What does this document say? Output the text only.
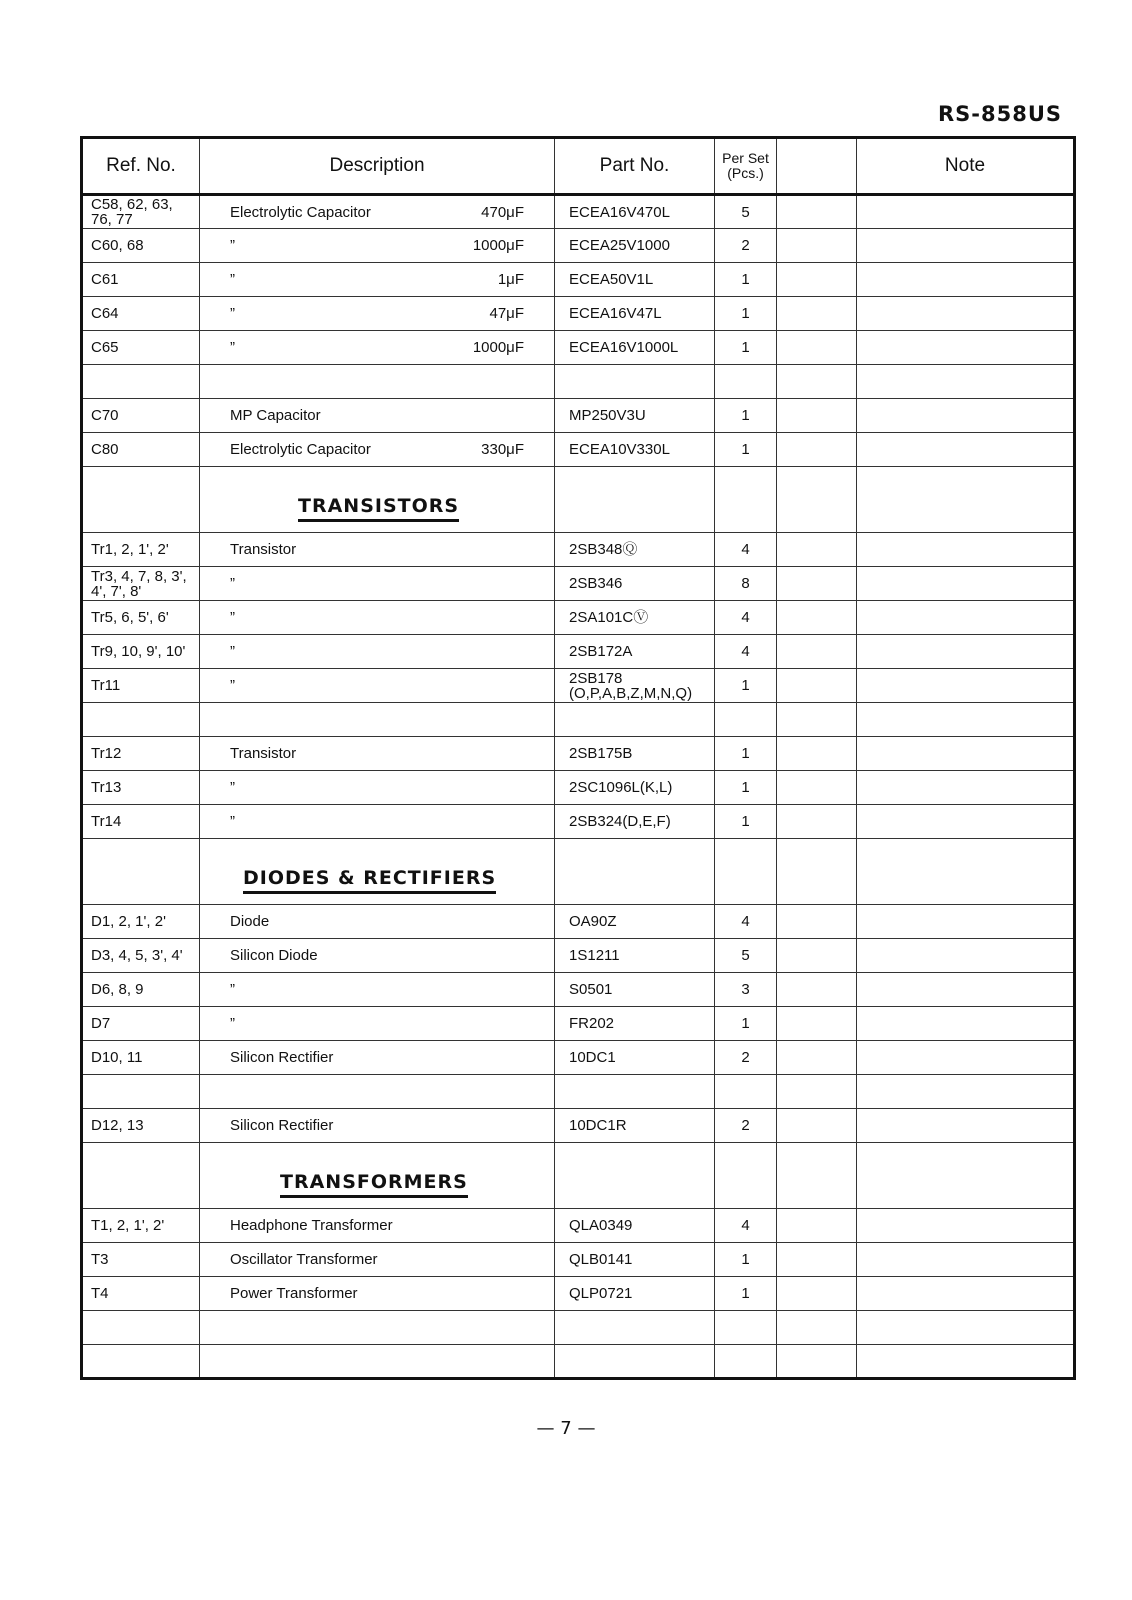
RS-858US
Ref. No.	Description	Part No.	Per Set
(Pcs.)		Note
C58, 62, 63, 76, 77	Electrolytic Capacitor 470μF	ECEA16V470L	5		
C60, 68	” 1000μF	ECEA25V1000	2		
C61	” 1μF	ECEA50V1L	1		
C64	” 47μF	ECEA16V47L	1		
C65	” 1000μF	ECEA16V1000L	1		

C70	MP Capacitor	MP250V3U	1		
C80	Electrolytic Capacitor 330μF	ECEA10V330L	1		
	TRANSISTORS				
Tr1, 2, 1', 2'	Transistor	2SB348Ⓠ	4		
Tr3, 4, 7, 8, 3', 4', 7', 8'	”	2SB346	8		
Tr5, 6, 5', 6'	”	2SA101CⓋ	4		
Tr9, 10, 9', 10'	”	2SB172A	4		
Tr11	”	2SB178 (O,P,A,B,Z,M,N,Q)	1		

Tr12	Transistor	2SB175B	1		
Tr13	”	2SC1096L(K,L)	1		
Tr14	”	2SB324(D,E,F)	1		
	DIODES & RECTIFIERS				
D1, 2, 1', 2'	Diode	OA90Z	4		
D3, 4, 5, 3', 4'	Silicon Diode	1S1211	5		
D6, 8, 9	”	S0501	3		
D7	”	FR202	1		
D10, 11	Silicon Rectifier	10DC1	2		

D12, 13	Silicon Rectifier	10DC1R	2		
	TRANSFORMERS				
T1, 2, 1', 2'	Headphone Transformer	QLA0349	4		
T3	Oscillator Transformer	QLB0141	1		
T4	Power Transformer	QLP0721	1		

— 7 —
